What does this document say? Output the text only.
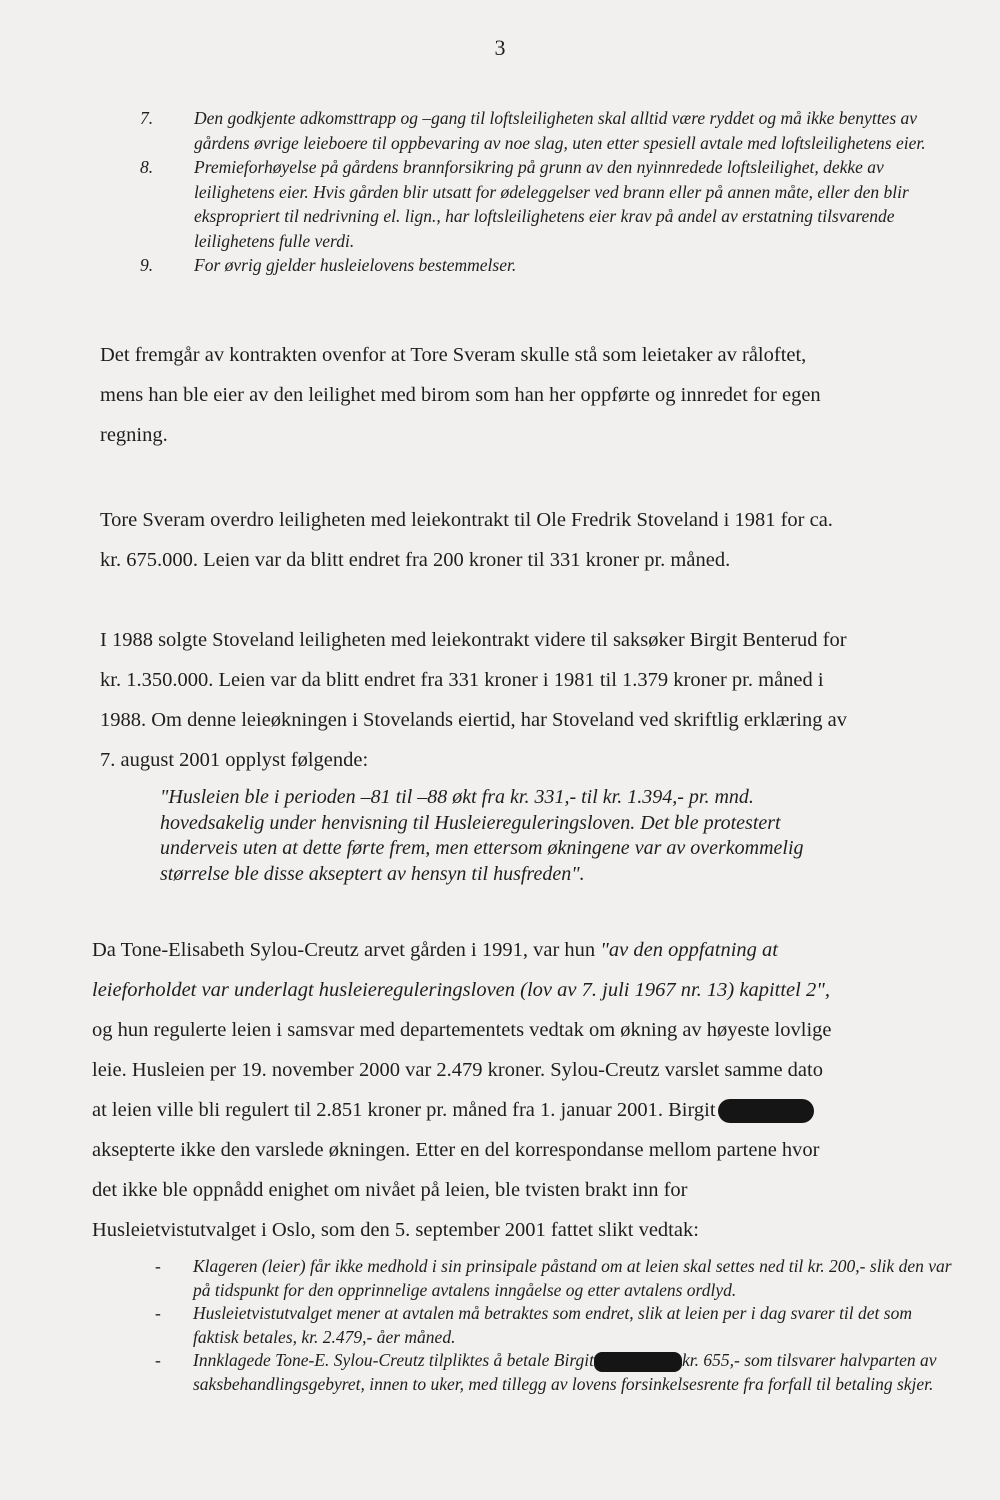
3
7.	Den godkjente adkomsttrapp og –gang til loftsleiligheten skal alltid være ryddet og må ikke benyttes av gårdens øvrige leieboere til oppbevaring av noe slag, uten etter spesiell avtale med loftsleilighetens eier.
8.	Premieforhøyelse på gårdens brannforsikring på grunn av den nyinnredede loftsleilighet, dekke av leilighetens eier. Hvis gården blir utsatt for ødeleggelser ved brann eller på annen måte, eller den blir ekspropriert til nedrivning el. lign., har loftsleilighetens eier krav på andel av erstatning tilsvarende leilighetens fulle verdi.
9.	For øvrig gjelder husleielovens bestemmelser.
Det fremgår av kontrakten ovenfor at Tore Sveram skulle stå som leietaker av råloftet,
mens han ble eier av den leilighet med birom som han her oppførte og innredet for egen
regning.
Tore Sveram overdro leiligheten med leiekontrakt til Ole Fredrik Stoveland i 1981 for ca.
kr. 675.000. Leien var da blitt endret fra 200 kroner til 331 kroner pr. måned.
I 1988 solgte Stoveland leiligheten med leiekontrakt videre til saksøker Birgit Benterud for
kr. 1.350.000. Leien var da blitt endret fra 331 kroner i 1981 til 1.379 kroner pr. måned i
1988. Om denne leieøkningen i Stovelands eiertid, har Stoveland ved skriftlig erklæring av
7. august 2001 opplyst følgende:
"Husleien ble i perioden –81 til –88 økt fra kr. 331,- til kr. 1.394,- pr. mnd.
hovedsakelig under henvisning til Husleiereguleringsloven. Det ble protestert
underveis uten at dette førte frem, men ettersom økningene var av overkommelig
størrelse ble disse akseptert av hensyn til husfreden".
Da Tone-Elisabeth Sylou-Creutz arvet gården i 1991, var hun "av den oppfatning at
leieforholdet var underlagt husleiereguleringsloven (lov av 7. juli 1967 nr. 13) kapittel 2",
og hun regulerte leien i samsvar med departementets vedtak om økning av høyeste lovlige
leie. Husleien per 19. november 2000 var 2.479 kroner. Sylou-Creutz varslet samme dato
at leien ville bli regulert til 2.851 kroner pr. måned fra 1. januar 2001. Birgit
aksepterte ikke den varslede økningen. Etter en del korrespondanse mellom partene hvor
det ikke ble oppnådd enighet om nivået på leien, ble tvisten brakt inn for
Husleietvistutvalget i Oslo, som den 5. september 2001 fattet slikt vedtak:
-	Klageren (leier) får ikke medhold i sin prinsipale påstand om at leien skal settes ned til kr. 200,- slik den var på tidspunkt for den opprinnelige avtalens inngåelse og etter avtalens ordlyd.
-	Husleietvistutvalget mener at avtalen må betraktes som endret, slik at leien per i dag svarer til det som faktisk betales, kr. 2.479,- åer måned.
-	Innklagede Tone-E. Sylou-Creutz tilpliktes å betale Birgit	kr. 655,- som tilsvarer halvparten av saksbehandlingsgebyret, innen to uker, med tillegg av lovens forsinkelsesrente fra forfall til betaling skjer.
